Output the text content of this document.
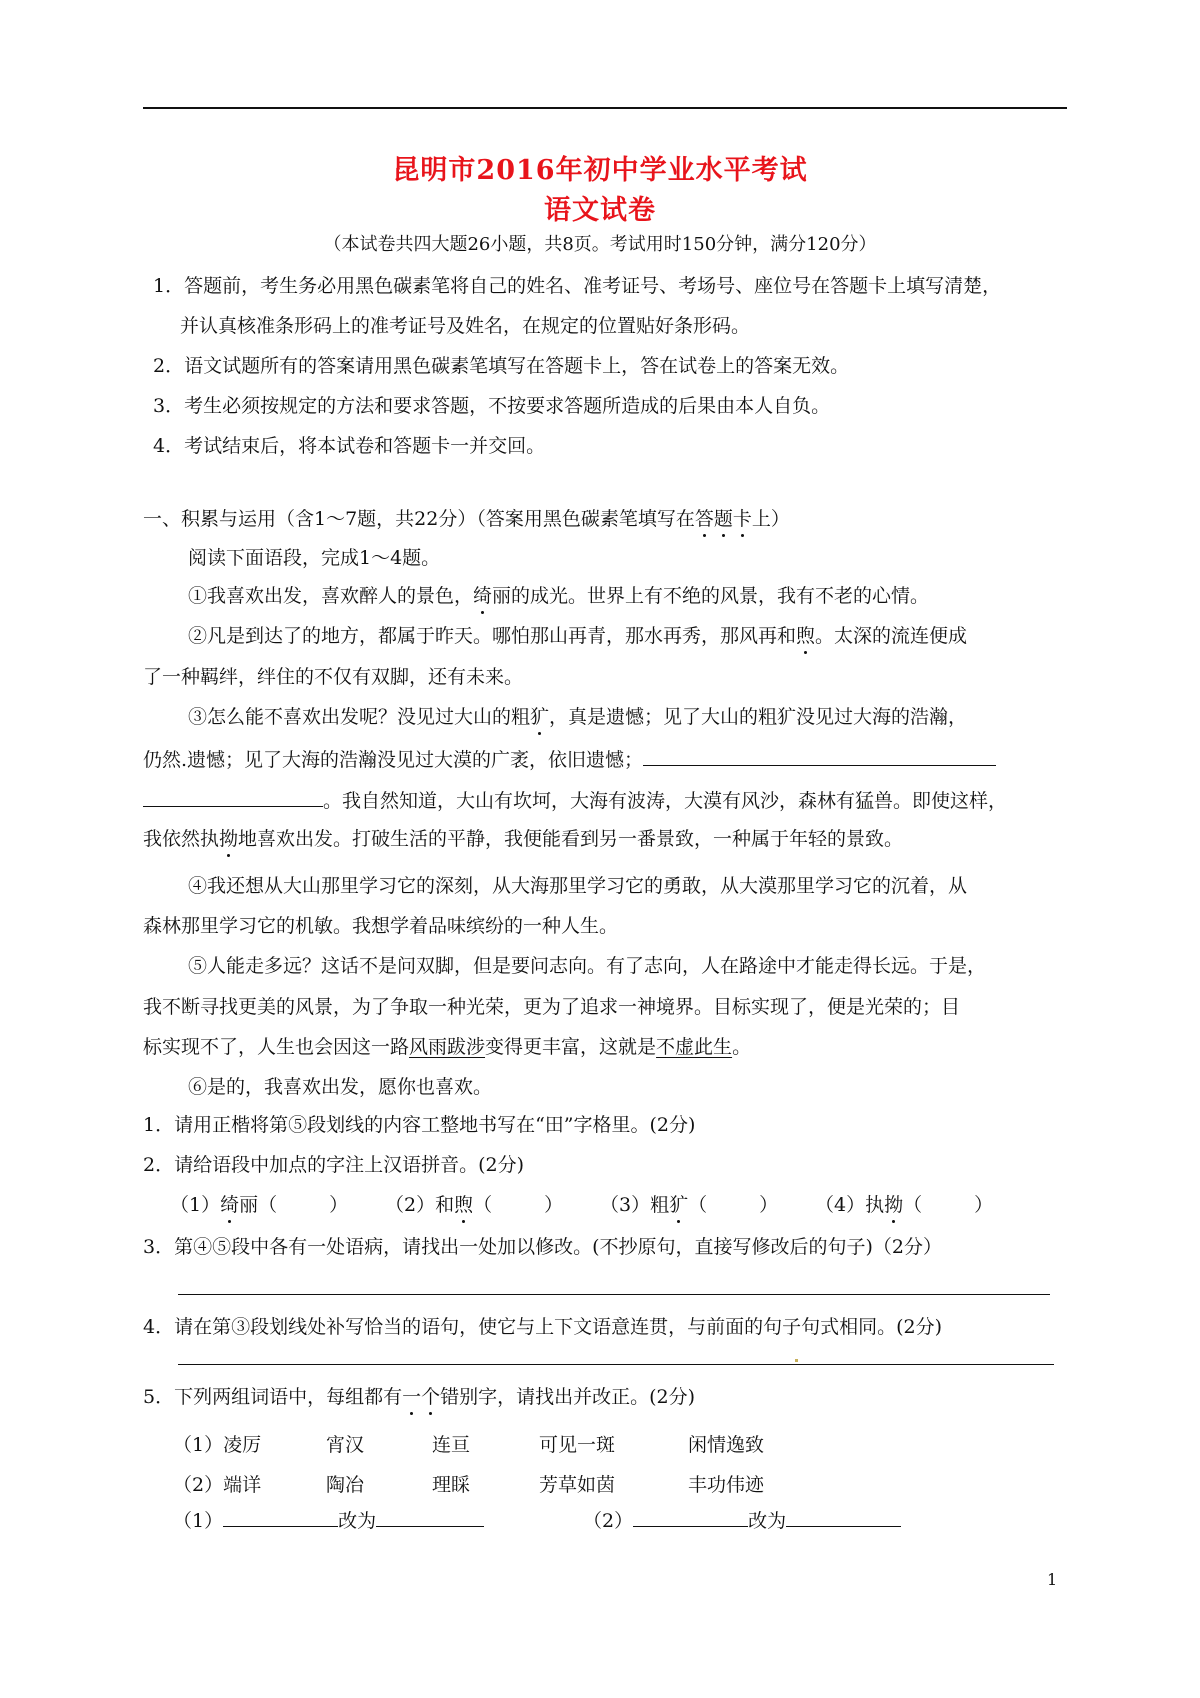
昆明市2016年初中学业水平考试
语文试卷
（本试卷共四大题26小题，共8页。考试用时150分钟，满分120分）
1．答题前，考生务必用黑色碳素笔将自己的姓名、准考证号、考场号、座位号在答题卡上填写清楚，
并认真核准条形码上的准考证号及姓名，在规定的位置贴好条形码。
2．语文试题所有的答案请用黑色碳素笔填写在答题卡上，答在试卷上的答案无效。
3．考生必须按规定的方法和要求答题，不按要求答题所造成的后果由本人自负。
4．考试结束后，将本试卷和答题卡一并交回。
一、积累与运用（含1～7题，共22分）（答案用黑色碳素笔填写在答题卡上）
阅读下面语段，完成1～4题。
①我喜欢出发，喜欢醉人的景色，绮丽的成光。世界上有不绝的风景，我有不老的心情。
②凡是到达了的地方，都属于昨天。哪怕那山再青，那水再秀，那风再和煦。太深的流连便成
了一种羁绊，绊住的不仅有双脚，还有未来。
③怎么能不喜欢出发呢？没见过大山的粗犷，真是遗憾；见了大山的粗犷没见过大海的浩瀚，
仍然.遗憾；见了大海的浩瀚没见过大漠的广袤，依旧遗憾；
。我自然知道，大山有坎坷，大海有波涛，大漠有风沙，森林有猛兽。即使这样，
我依然执拗地喜欢出发。打破生活的平静，我便能看到另一番景致，一种属于年轻的景致。
④我还想从大山那里学习它的深刻，从大海那里学习它的勇敢，从大漠那里学习它的沉着，从
森林那里学习它的机敏。我想学着品味缤纷的一种人生。
⑤人能走多远？这话不是问双脚，但是要问志向。有了志向，人在路途中才能走得长远。于是，
我不断寻找更美的风景，为了争取一种光荣，更为了追求一神境界。目标实现了，便是光荣的；目
标实现不了，人生也会因这一路风雨跋涉变得更丰富，这就是不虚此生。
⑥是的，我喜欢出发，愿你也喜欢。
1．请用正楷将第⑤段划线的内容工整地书写在“田”字格里。(2分)
2．请给语段中加点的字注上汉语拼音。(2分)
（1）绮丽（	） （2）和煦（	） （3）粗犷（	） （4）执拗（	）
3．第④⑤段中各有一处语病，请找出一处加以修改。(不抄原句，直接写修改后的句子)（2分）
4．请在第③段划线处补写恰当的语句，使它与上下文语意连贯，与前面的句子句式相同。(2分)
5．下列两组词语中，每组都有一个错别字，请找出并改正。(2分)
（1）凌厉	宵汉	连亘	可见一斑	闲情逸致
（2）端详	陶冶	理睬	芳草如茵	丰功伟迹
（1）	改为	（2）	改为
1
